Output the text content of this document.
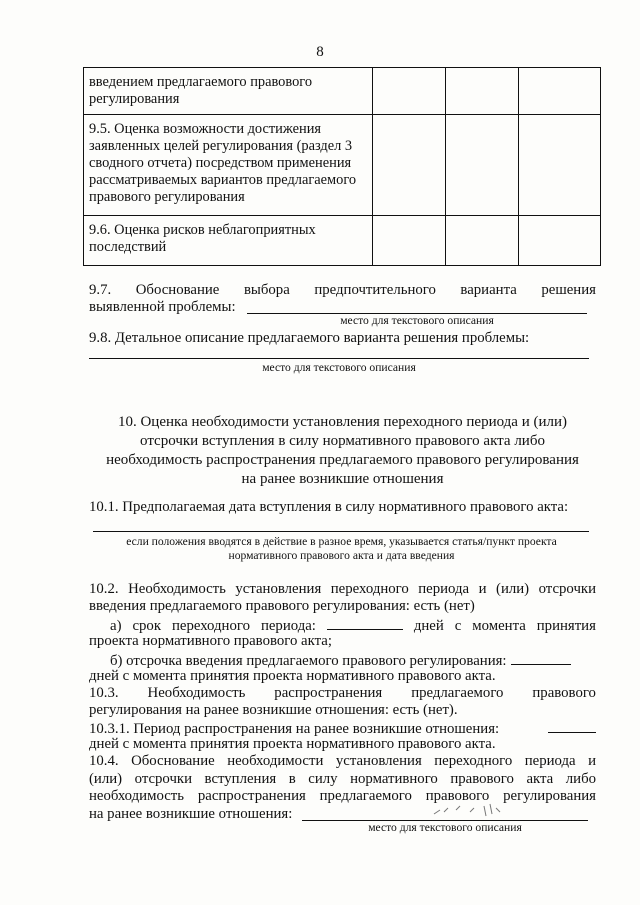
8
введением предлагаемого правового регулирования			
9.5. Оценка возможности достижения заявленных целей регулирования (раздел 3 сводного отчета) посредством применения рассматриваемых вариантов предлагаемого правового регулирования			
9.6. Оценка рисков неблагоприятных последствий			
9.7. Обоснование выбора предпочтительного варианта решения
выявленной проблемы:
место для текстового описания
9.8. Детальное описание предлагаемого варианта решения проблемы:
место для текстового описания
10. Оценка необходимости установления переходного периода и (или)
отсрочки вступления в силу нормативного правового акта либо
необходимость распространения предлагаемого правового регулирования
на ранее возникшие отношения
10.1. Предполагаемая дата вступления в силу нормативного правового акта:
если положения вводятся в действие в разное время, указывается статья/пункт проекта
нормативного правового акта и дата введения
10.2. Необходимость установления переходного периода и (или) отсрочки
введения предлагаемого правового регулирования: есть (нет)
а) срок переходного периода:	дней с момента принятия
проекта нормативного правового акта;
б) отсрочка введения предлагаемого правового регулирования:
дней с момента принятия проекта нормативного правового акта.
10.3. Необходимость распространения предлагаемого правового
регулирования на ранее возникшие отношения: есть (нет).
10.3.1. Период распространения на ранее возникшие отношения:
дней с момента принятия проекта нормативного правового акта.
10.4. Обоснование необходимости установления переходного периода и
(или) отсрочки вступления в силу нормативного правового акта либо
необходимость распространения предлагаемого правового регулирования
на ранее возникшие отношения:
место для текстового описания
